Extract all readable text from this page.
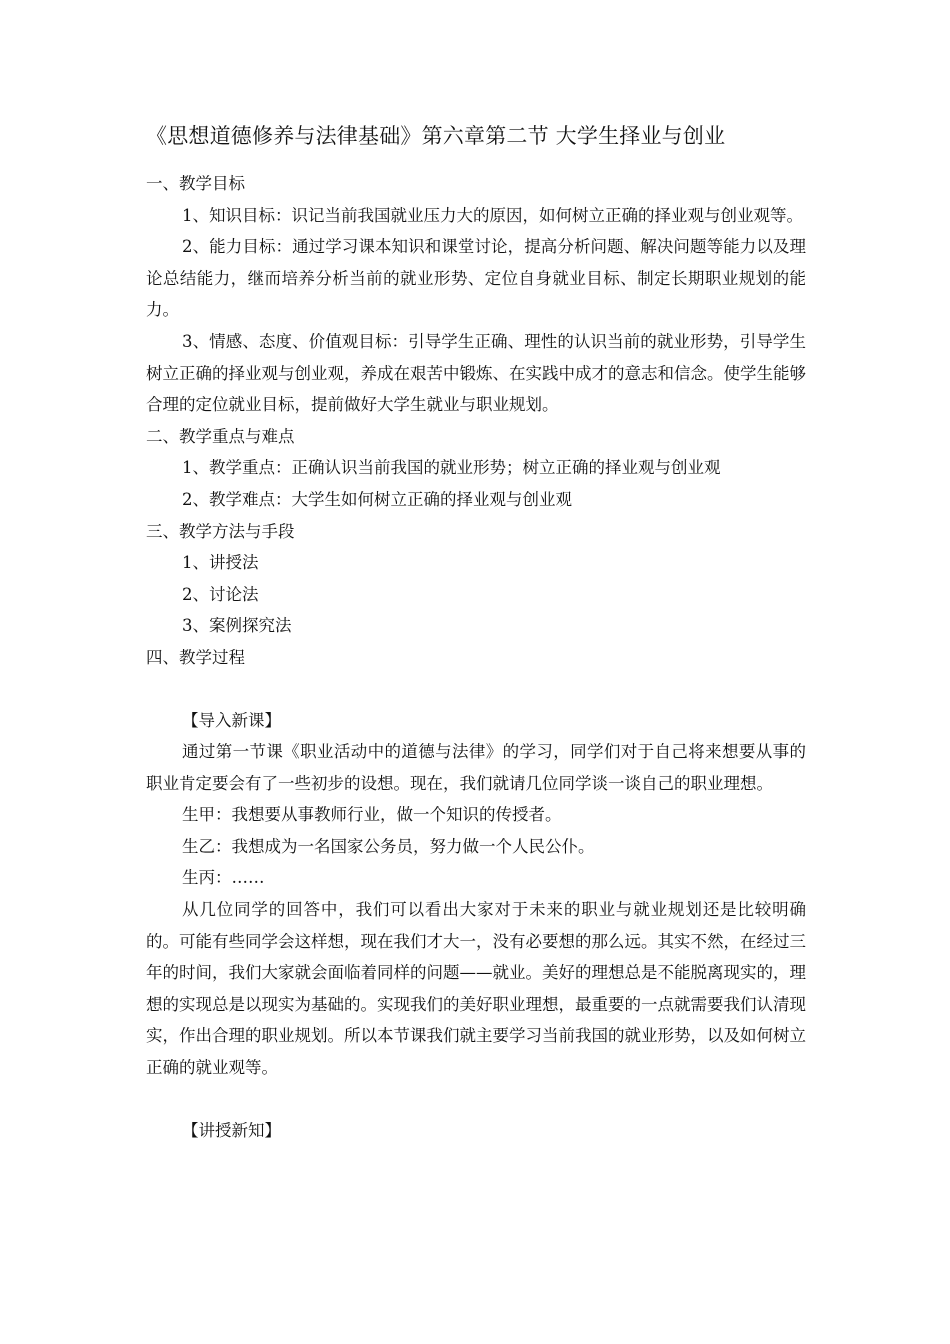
《思想道德修养与法律基础》第六章第二节 大学生择业与创业

一、教学目标

1、知识目标：识记当前我国就业压力大的原因，如何树立正确的择业观与创业观等。

2、能力目标：通过学习课本知识和课堂讨论，提高分析问题、解决问题等能力以及理论总结能力，继而培养分析当前的就业形势、定位自身就业目标、制定长期职业规划的能力。

3、情感、态度、价值观目标：引导学生正确、理性的认识当前的就业形势，引导学生树立正确的择业观与创业观，养成在艰苦中锻炼、在实践中成才的意志和信念。使学生能够合理的定位就业目标，提前做好大学生就业与职业规划。

二、教学重点与难点

1、教学重点：正确认识当前我国的就业形势；树立正确的择业观与创业观

2、教学难点：大学生如何树立正确的择业观与创业观

三、教学方法与手段

1、讲授法

2、讨论法

3、案例探究法

四、教学过程

【导入新课】

通过第一节课《职业活动中的道德与法律》的学习，同学们对于自己将来想要从事的职业肯定要会有了一些初步的设想。现在，我们就请几位同学谈一谈自己的职业理想。

生甲：我想要从事教师行业，做一个知识的传授者。

生乙：我想成为一名国家公务员，努力做一个人民公仆。

生丙：……

从几位同学的回答中，我们可以看出大家对于未来的职业与就业规划还是比较明确的。可能有些同学会这样想，现在我们才大一，没有必要想的那么远。其实不然，在经过三年的时间，我们大家就会面临着同样的问题——就业。美好的理想总是不能脱离现实的，理想的实现总是以现实为基础的。实现我们的美好职业理想，最重要的一点就需要我们认清现实，作出合理的职业规划。所以本节课我们就主要学习当前我国的就业形势，以及如何树立正确的就业观等。

【讲授新知】
